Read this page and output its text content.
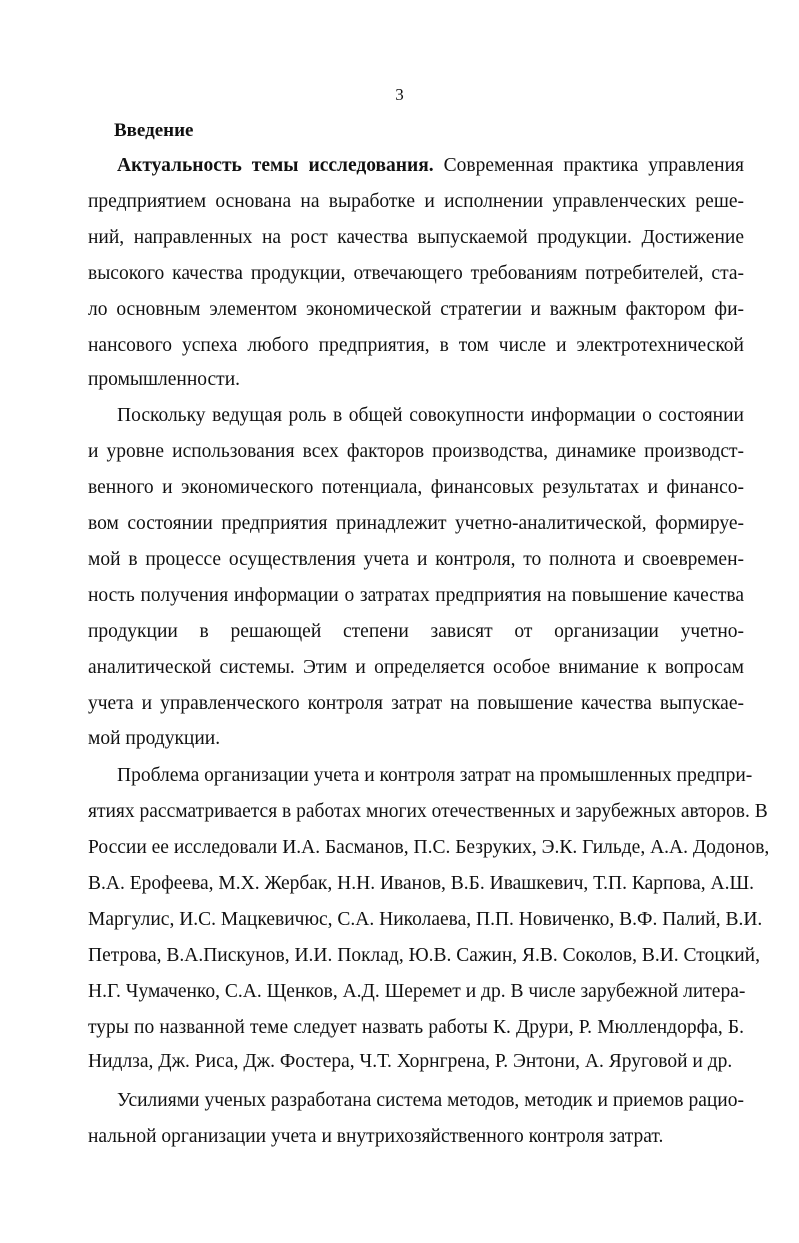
3
Введение
Актуальность темы исследования. Современная практика управления
предприятием основана на выработке и исполнении управленческих реше-
ний, направленных на рост качества выпускаемой продукции. Достижение
высокого качества продукции, отвечающего требованиям потребителей, ста-
ло основным элементом экономической стратегии и важным фактором фи-
нансового успеха любого предприятия, в том числе и электротехнической
промышленности.
Поскольку ведущая роль в общей совокупности информации о состоянии
и уровне использования всех факторов производства, динамике производст-
венного и экономического потенциала, финансовых результатах и финансо-
вом состоянии предприятия принадлежит учетно-аналитической, формируе-
мой в процессе осуществления учета и контроля, то полнота и своевремен-
ность получения информации о затратах предприятия на повышение качества
продукции в решающей степени зависят от организации учетно-
аналитической системы. Этим и определяется особое внимание к вопросам
учета и управленческого контроля затрат на повышение качества выпускае-
мой продукции.
Проблема организации учета и контроля затрат на промышленных предпри-
ятиях рассматривается в работах многих отечественных и зарубежных авторов. В
России ее исследовали И.А. Басманов, П.С. Безруких, Э.К. Гильде, А.А. Додонов,
В.А. Ерофеева, М.Х. Жербак, Н.Н. Иванов, В.Б. Ивашкевич, Т.П. Карпова, А.Ш.
Маргулис, И.С. Мацкевичюс, С.А. Николаева, П.П. Новиченко, В.Ф. Палий, В.И.
Петрова, В.А.Пискунов, И.И. Поклад, Ю.В. Сажин, Я.В. Соколов, В.И. Стоцкий,
Н.Г. Чумаченко, С.А. Щенков, А.Д. Шеремет и др. В числе зарубежной литера-
туры по названной теме следует назвать работы К. Друри, Р. Мюллендорфа, Б.
Нидлза, Дж. Риса, Дж. Фостера, Ч.Т. Хорнгрена, Р. Энтони, А. Яруговой и др.
Усилиями ученых разработана система методов, методик и приемов рацио-
нальной организации учета и внутрихозяйственного контроля затрат.
